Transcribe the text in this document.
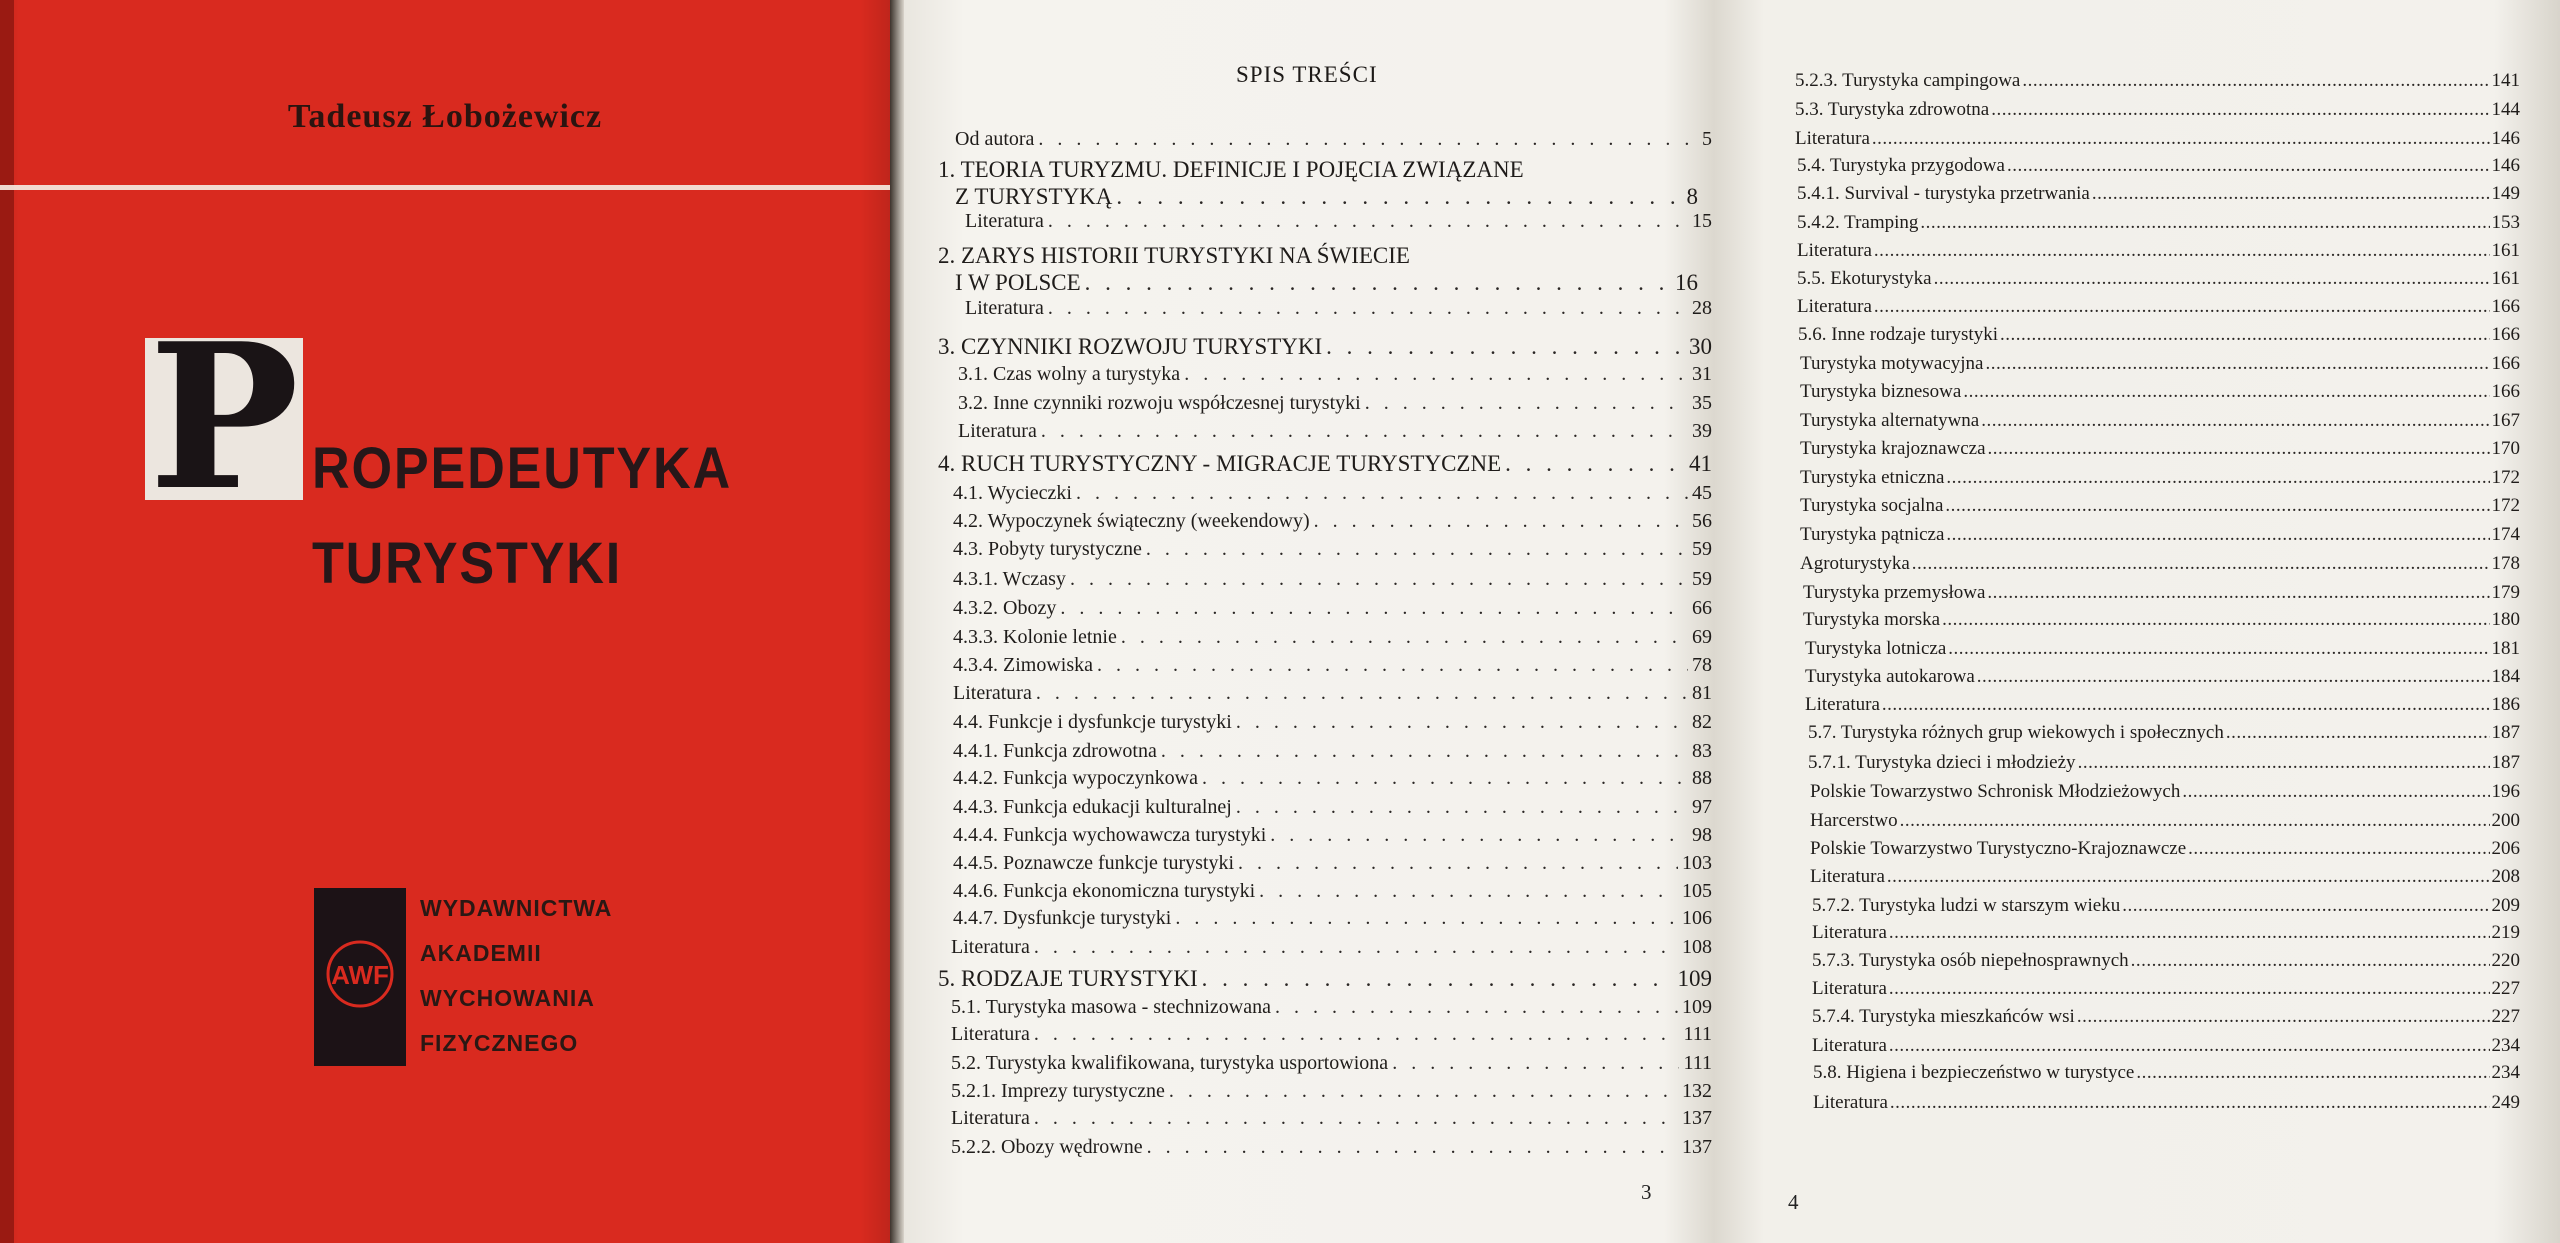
Tadeusz Łobożewicz
P ROPEDEUTYKA
TURYSTYKI
AWF
WYDAWNICTWA
AKADEMII
WYCHOWANIA
FIZYCZNEGO
SPIS TREŚCI
Od autora . . .	5
1. TEORIA TURYZMU. DEFINICJE I POJĘCIA ZWIĄZANE
Z TURYSTYKĄ . . .	8
Literatura . . .	15
2. ZARYS HISTORII TURYSTYKI NA ŚWIECIE
I W POLSCE . . .	16
Literatura . . .	28
3. CZYNNIKI ROZWOJU TURYSTYKI . . .	30
3.1. Czas wolny a turystyka . . .	31
3.2. Inne czynniki rozwoju współczesnej turystyki . . .	35
Literatura . . .	39
4. RUCH TURYSTYCZNY - MIGRACJE TURYSTYCZNE . . .	41
4.1. Wycieczki . . .	45
4.2. Wypoczynek świąteczny (weekendowy) . . .	56
4.3. Pobyty turystyczne . . .	59
4.3.1. Wczasy . . .	59
4.3.2. Obozy . . .	66
4.3.3. Kolonie letnie . . .	69
4.3.4. Zimowiska . . .	78
Literatura . . .	81
4.4. Funkcje i dysfunkcje turystyki . . .	82
4.4.1. Funkcja zdrowotna . . .	83
4.4.2. Funkcja wypoczynkowa . . .	88
4.4.3. Funkcja edukacji kulturalnej . . .	97
4.4.4. Funkcja wychowawcza turystyki . . .	98
4.4.5. Poznawcze funkcje turystyki . . .	103
4.4.6. Funkcja ekonomiczna turystyki . . .	105
4.4.7. Dysfunkcje turystyki . . .	106
Literatura . . .	108
5. RODZAJE TURYSTYKI . . .	109
5.1. Turystyka masowa - stechnizowana . . .	109
Literatura . . .	111
5.2. Turystyka kwalifikowana, turystyka usportowiona . . .	111
5.2.1. Imprezy turystyczne . . .	132
Literatura . . .	137
5.2.2. Obozy wędrowne . . .	137
3
5.2.3. Turystyka campingowa .....	141
5.3. Turystyka zdrowotna .....	144
Literatura .....	146
5.4. Turystyka przygodowa .....	146
5.4.1. Survival - turystyka przetrwania .....	149
5.4.2. Tramping .....	153
Literatura .....	161
5.5. Ekoturystyka .....	161
Literatura .....	166
5.6. Inne rodzaje turystyki .....	166
Turystyka motywacyjna .....	166
Turystyka biznesowa .....	166
Turystyka alternatywna .....	167
Turystyka krajoznawcza .....	170
Turystyka etniczna .....	172
Turystyka socjalna .....	172
Turystyka pątnicza .....	174
Agroturystyka .....	178
Turystyka przemysłowa .....	179
Turystyka morska .....	180
Turystyka lotnicza .....	181
Turystyka autokarowa .....	184
Literatura .....	186
5.7. Turystyka różnych grup wiekowych i społecznych .....	187
5.7.1. Turystyka dzieci i młodzieży .....	187
Polskie Towarzystwo Schronisk Młodzieżowych .....	196
Harcerstwo .....	200
Polskie Towarzystwo Turystyczno-Krajoznawcze .....	206
Literatura .....	208
5.7.2. Turystyka ludzi w starszym wieku .....	209
Literatura .....	219
5.7.3. Turystyka osób niepełnosprawnych .....	220
Literatura .....	227
5.7.4. Turystyka mieszkańców wsi .....	227
Literatura .....	234
5.8. Higiena i bezpieczeństwo w turystyce .....	234
Literatura .....	249
4
